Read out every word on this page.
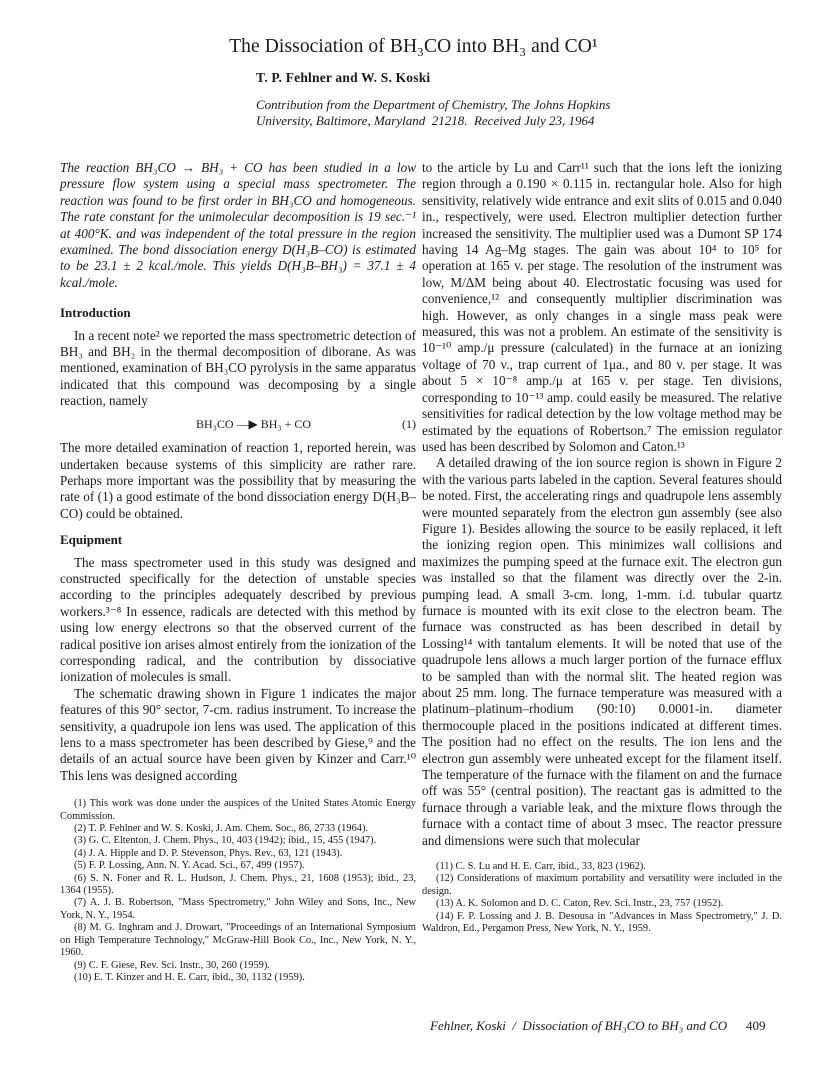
The Dissociation of BH₃CO into BH₃ and CO¹
T. P. Fehlner and W. S. Koski
Contribution from the Department of Chemistry, The Johns Hopkins
University, Baltimore, Maryland  21218.  Received July 23, 1964

The reaction BH₃CO → BH₃ + CO has been studied in a low pressure flow system using a special mass spectrometer. The reaction was found to be first order in BH₃CO and homogeneous. The rate constant for the unimolecular decomposition is 19 sec.⁻¹ at 400°K. and was independent of the total pressure in the region examined. The bond dissociation energy D(H₃B–CO) is estimated to be 23.1 ± 2 kcal./mole. This yields D(H₃B–BH₃) = 37.1 ± 4 kcal./mole.

Introduction

In a recent note² we reported the mass spectrometric detection of BH₃ and BH₂ in the thermal decomposition of diborane. As was mentioned, examination of BH₃CO pyrolysis in the same apparatus indicated that this compound was decomposing by a single reaction, namely

BH₃CO —▶ BH₃ + CO	(1)

The more detailed examination of reaction 1, reported herein, was undertaken because systems of this simplicity are rather rare. Perhaps more important was the possibility that by measuring the rate of (1) a good estimate of the bond dissociation energy D(H₃B–CO) could be obtained.

Equipment

The mass spectrometer used in this study was designed and constructed specifically for the detection of unstable species according to the principles adequately described by previous workers.³⁻⁸ In essence, radicals are detected with this method by using low energy electrons so that the observed current of the radical positive ion arises almost entirely from the ionization of the corresponding radical, and the contribution by dissociative ionization of molecules is small.

The schematic drawing shown in Figure 1 indicates the major features of this 90° sector, 7-cm. radius instrument. To increase the sensitivity, a quadrupole ion lens was used. The application of this lens to a mass spectrometer has been described by Giese,⁹ and the details of an actual source have been given by Kinzer and Carr.¹⁰ This lens was designed according

(1) This work was done under the auspices of the United States Atomic Energy Commission.
(2) T. P. Fehlner and W. S. Koski, J. Am. Chem. Soc., 86, 2733 (1964).
(3) G. C. Eltenton, J. Chem. Phys., 10, 403 (1942); ibid., 15, 455 (1947).
(4) J. A. Hipple and D. P. Stevenson, Phys. Rev., 63, 121 (1943).
(5) F. P. Lossing, Ann. N. Y. Acad. Sci., 67, 499 (1957).
(6) S. N. Foner and R. L. Hudson, J. Chem. Phys., 21, 1608 (1953); ibid., 23, 1364 (1955).
(7) A. J. B. Robertson, "Mass Spectrometry," John Wiley and Sons, Inc., New York, N. Y., 1954.
(8) M. G. Inghram and J. Drowart, "Proceedings of an International Symposium on High Temperature Technology," McGraw-Hill Book Co., Inc., New York, N. Y., 1960.
(9) C. F. Giese, Rev. Sci. Instr., 30, 260 (1959).
(10) E. T. Kinzer and H. E. Carr, ibid., 30, 1132 (1959).

to the article by Lu and Carr¹¹ such that the ions left the ionizing region through a 0.190 × 0.115 in. rectangular hole. Also for high sensitivity, relatively wide entrance and exit slits of 0.015 and 0.040 in., respectively, were used. Electron multiplier detection further increased the sensitivity. The multiplier used was a Dumont SP 174 having 14 Ag–Mg stages. The gain was about 10⁴ to 10⁵ for operation at 165 v. per stage. The resolution of the instrument was low, M/ΔM being about 40. Electrostatic focusing was used for convenience,¹² and consequently multiplier discrimination was high. However, as only changes in a single mass peak were measured, this was not a problem. An estimate of the sensitivity is 10⁻¹⁰ amp./μ pressure (calculated) in the furnace at an ionizing voltage of 70 v., trap current of 1μa., and 80 v. per stage. It was about 5 × 10⁻⁸ amp./μ at 165 v. per stage. Ten divisions, corresponding to 10⁻¹³ amp. could easily be measured. The relative sensitivities for radical detection by the low voltage method may be estimated by the equations of Robertson.⁷ The emission regulator used has been described by Solomon and Caton.¹³

A detailed drawing of the ion source region is shown in Figure 2 with the various parts labeled in the caption. Several features should be noted. First, the accelerating rings and quadrupole lens assembly were mounted separately from the electron gun assembly (see also Figure 1). Besides allowing the source to be easily replaced, it left the ionizing region open. This minimizes wall collisions and maximizes the pumping speed at the furnace exit. The electron gun was installed so that the filament was directly over the 2-in. pumping lead. A small 3-cm. long, 1-mm. i.d. tubular quartz furnace is mounted with its exit close to the electron beam. The furnace was constructed as has been described in detail by Lossing¹⁴ with tantalum elements. It will be noted that use of the quadrupole lens allows a much larger portion of the furnace efflux to be sampled than with the normal slit. The heated region was about 25 mm. long. The furnace temperature was measured with a platinum–platinum–rhodium (90:10) 0.0001-in. diameter thermocouple placed in the positions indicated at different times. The position had no effect on the results. The ion lens and the electron gun assembly were unheated except for the filament itself. The temperature of the furnace with the filament on and the furnace off was 55° (central position). The reactant gas is admitted to the furnace through a variable leak, and the mixture flows through the furnace with a contact time of about 3 msec. The reactor pressure and dimensions were such that molecular

(11) C. S. Lu and H. E. Carr, ibid., 33, 823 (1962).
(12) Considerations of maximum portability and versatility were included in the design.
(13) A. K. Solomon and D. C. Caton, Rev. Sci. Instr., 23, 757 (1952).
(14) F. P. Lossing and J. B. Desousa in "Advances in Mass Spectrometry," J. D. Waldron, Ed., Pergamon Press, New York, N. Y., 1959.
Fehlner, Koski  /  Dissociation of BH₃CO to BH₃ and CO 409
